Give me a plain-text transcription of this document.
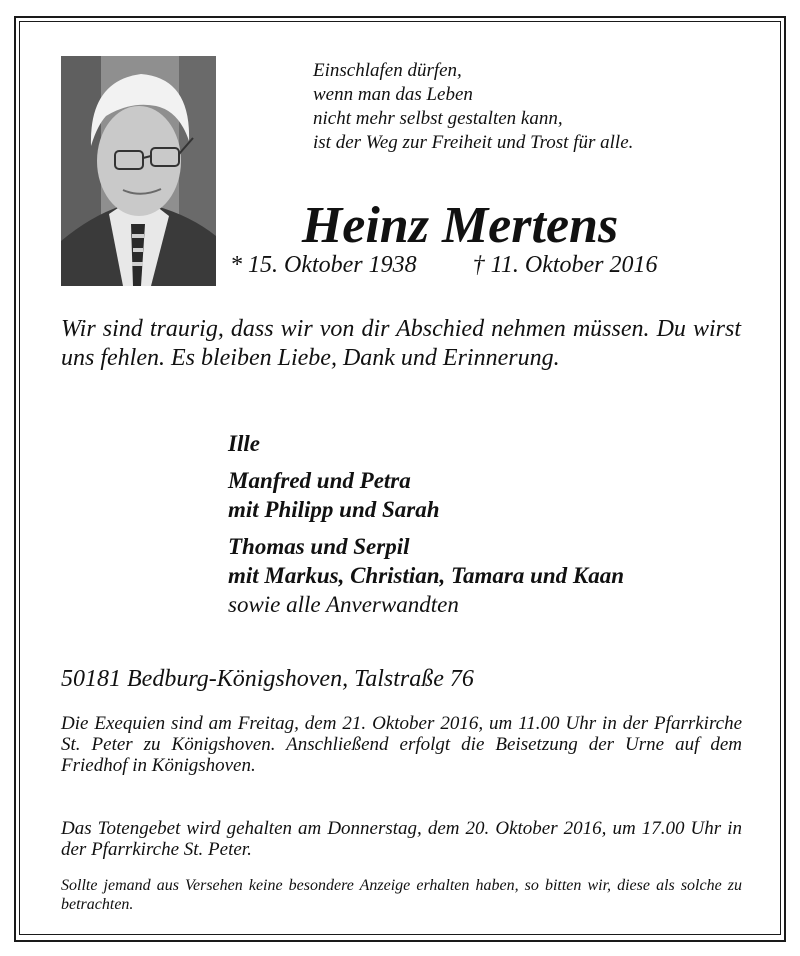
Einschlafen dürfen,
wenn man das Leben
nicht mehr selbst gestalten kann,
ist der Weg zur Freiheit und Trost für alle.
Heinz Mertens
* 15. Oktober 1938 † 11. Oktober 2016
Wir sind traurig, dass wir von dir Abschied nehmen müssen. Du wirst uns fehlen. Es bleiben Liebe, Dank und Erinnerung.
Ille
Manfred und Petra
mit Philipp und Sarah
Thomas und Serpil
mit Markus, Christian, Tamara und Kaan
sowie alle Anverwandten
50181 Bedburg-Königshoven, Talstraße 76
Die Exequien sind am Freitag, dem 21. Oktober 2016, um 11.00 Uhr in der Pfarrkirche St. Peter zu Königshoven. Anschließend erfolgt die Beisetzung der Urne auf dem Friedhof in Königshoven.
Das Totengebet wird gehalten am Donnerstag, dem 20. Oktober 2016, um 17.00 Uhr in der Pfarrkirche St. Peter.
Sollte jemand aus Versehen keine besondere Anzeige erhalten haben, so bitten wir, diese als solche zu betrachten.
